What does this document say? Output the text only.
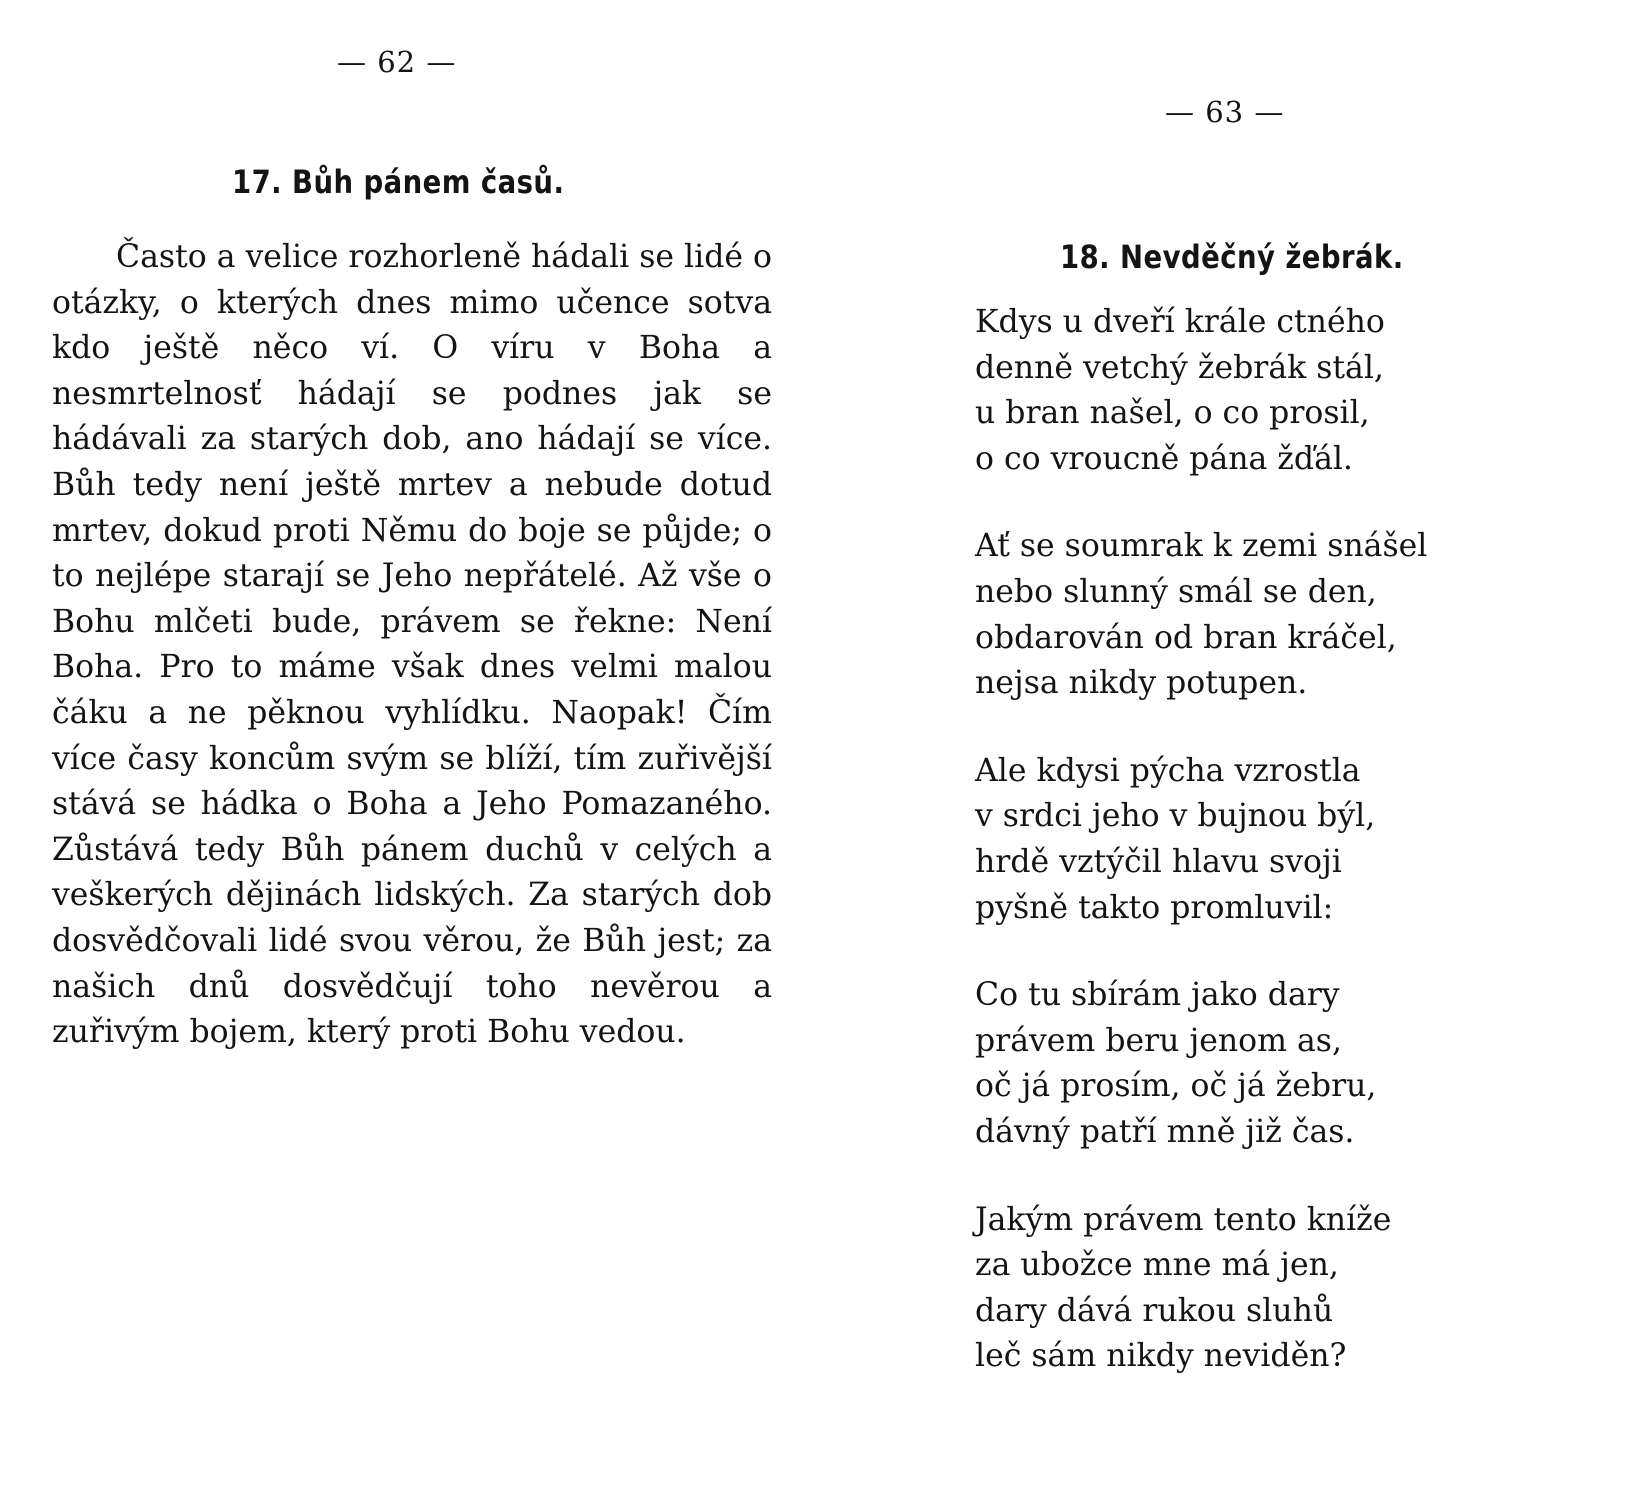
— 62 —

17. Bůh pánem časů.

Často a velice rozhorleně hádali se lidé o otázky, o kterých dnes mimo učence sotva kdo ještě něco ví. O víru v Boha a nesmrtelnosť hádají se podnes jak se hádávali za starých dob, ano hádají se více. Bůh tedy není ještě mrtev a nebude dotud mrtev, dokud proti Němu do boje se půjde; o to nejlépe starají se Jeho nepřátelé. Až vše o Bohu mlčeti bude, právem se řekne: Není Boha. Pro to máme však dnes velmi malou čáku a ne pěknou vyhlídku. Naopak! Čím více časy koncům svým se blíží, tím zuřivější stává se hádka o Boha a Jeho Pomazaného. Zůstává tedy Bůh pánem duchů v celých a veškerých dějinách lidských. Za starých dob dosvědčovali lidé svou věrou, že Bůh jest; za našich dnů dosvědčují toho nevěrou a zuřivým bojem, který proti Bohu vedou.

— 63 —

18. Nevděčný žebrák.
Kdys u dveří krále ctného
denně vetchý žebrák stál,
u bran našel, o co prosil,
o co vroucně pána žďál.
Ať se soumrak k zemi snášel
nebo slunný smál se den,
obdarován od bran kráčel,
nejsa nikdy potupen.
Ale kdysi pýcha vzrostla
v srdci jeho v bujnou býl,
hrdě vztýčil hlavu svoji
pyšně takto promluvil:
Co tu sbírám jako dary
právem beru jenom as,
oč já prosím, oč já žebru,
dávný patří mně již čas.
Jakým právem tento kníže
za ubožce mne má jen,
dary dává rukou sluhů
leč sám nikdy neviděn?
